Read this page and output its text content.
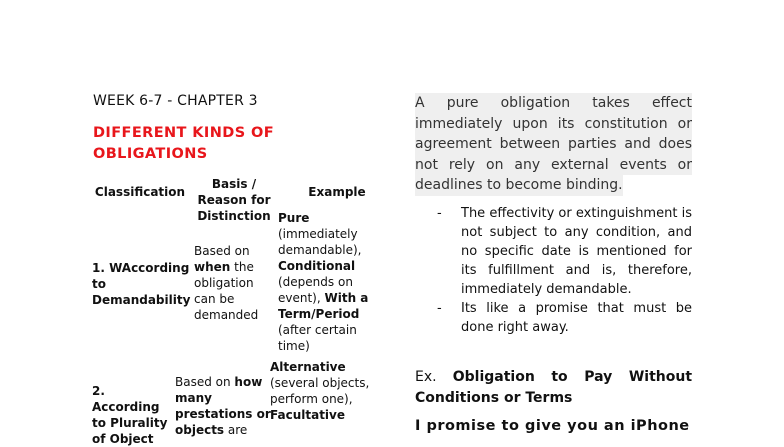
WEEK 6-7 - CHAPTER 3
DIFFERENT KINDS OF OBLIGATIONS
Classification
Basis / Reason for Distinction
Example
1. WAccording to Demandability
Based on when the obligation can be demanded
Pure (immediately demandable), Conditional (depends on event), With a Term/Period (after certain time)
2. According to Plurality of Object
Based on how many prestations or objects are
Alternative (several objects, perform one), Facultative
A pure obligation takes effect
immediately upon its constitution or
agreement between parties and does
not rely on any external events or
deadlines to become binding.
- The effectivity or extinguishment is not subject to any condition, and no specific date is mentioned for its fulfillment and is, therefore, immediately demandable.
- Its like a promise that must be done right away.
Ex. Obligation to Pay Without Conditions or Terms
I promise to give you an iPhone
